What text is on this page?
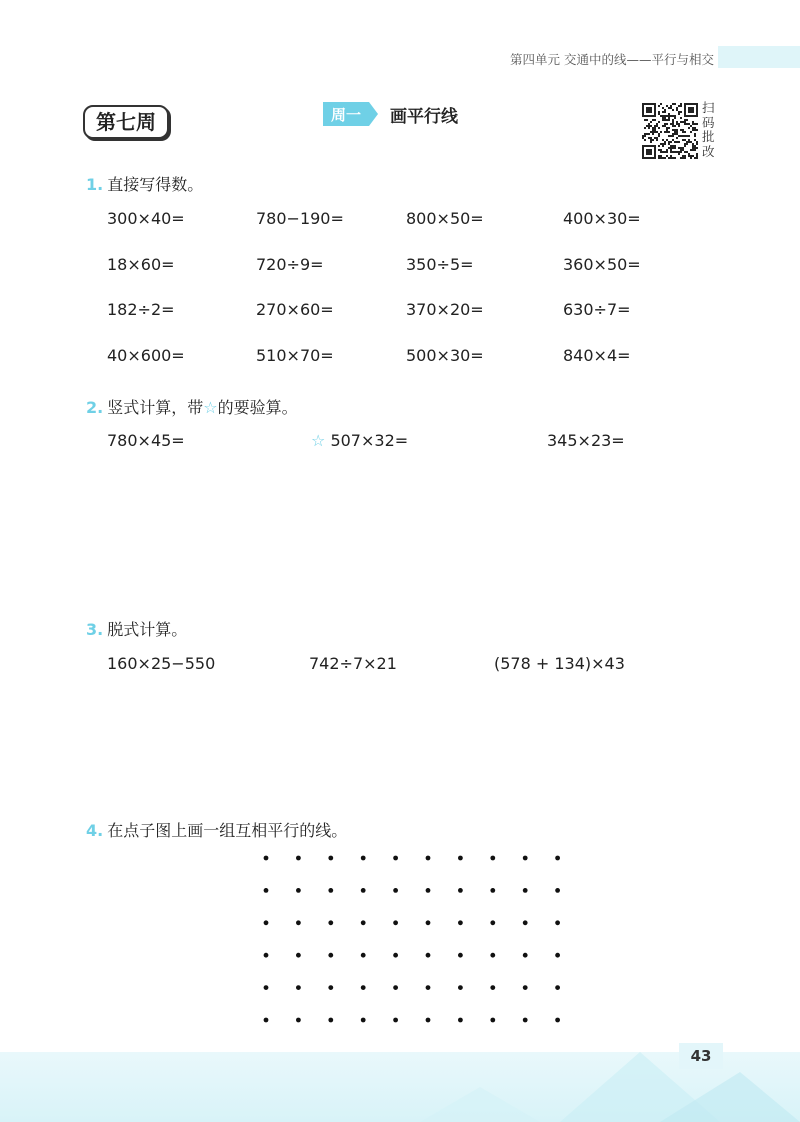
第四单元 交通中的线——平行与相交
第七周	周一 画平行线	扫
码
批
改
1. 直接写得数。
300×40=	780−190=	800×50=	400×30=
18×60=	720÷9=	350÷5=	360×50=
182÷2=	270×60=	370×20=	630÷7=
40×600=	510×70=	500×30=	840×4=
2. 竖式计算，带☆的要验算。
780×45=	☆ 507×32=	345×23=
3. 脱式计算。
160×25−550	742÷7×21	(578 + 134)×43
4. 在点子图上画一组互相平行的线。
43
